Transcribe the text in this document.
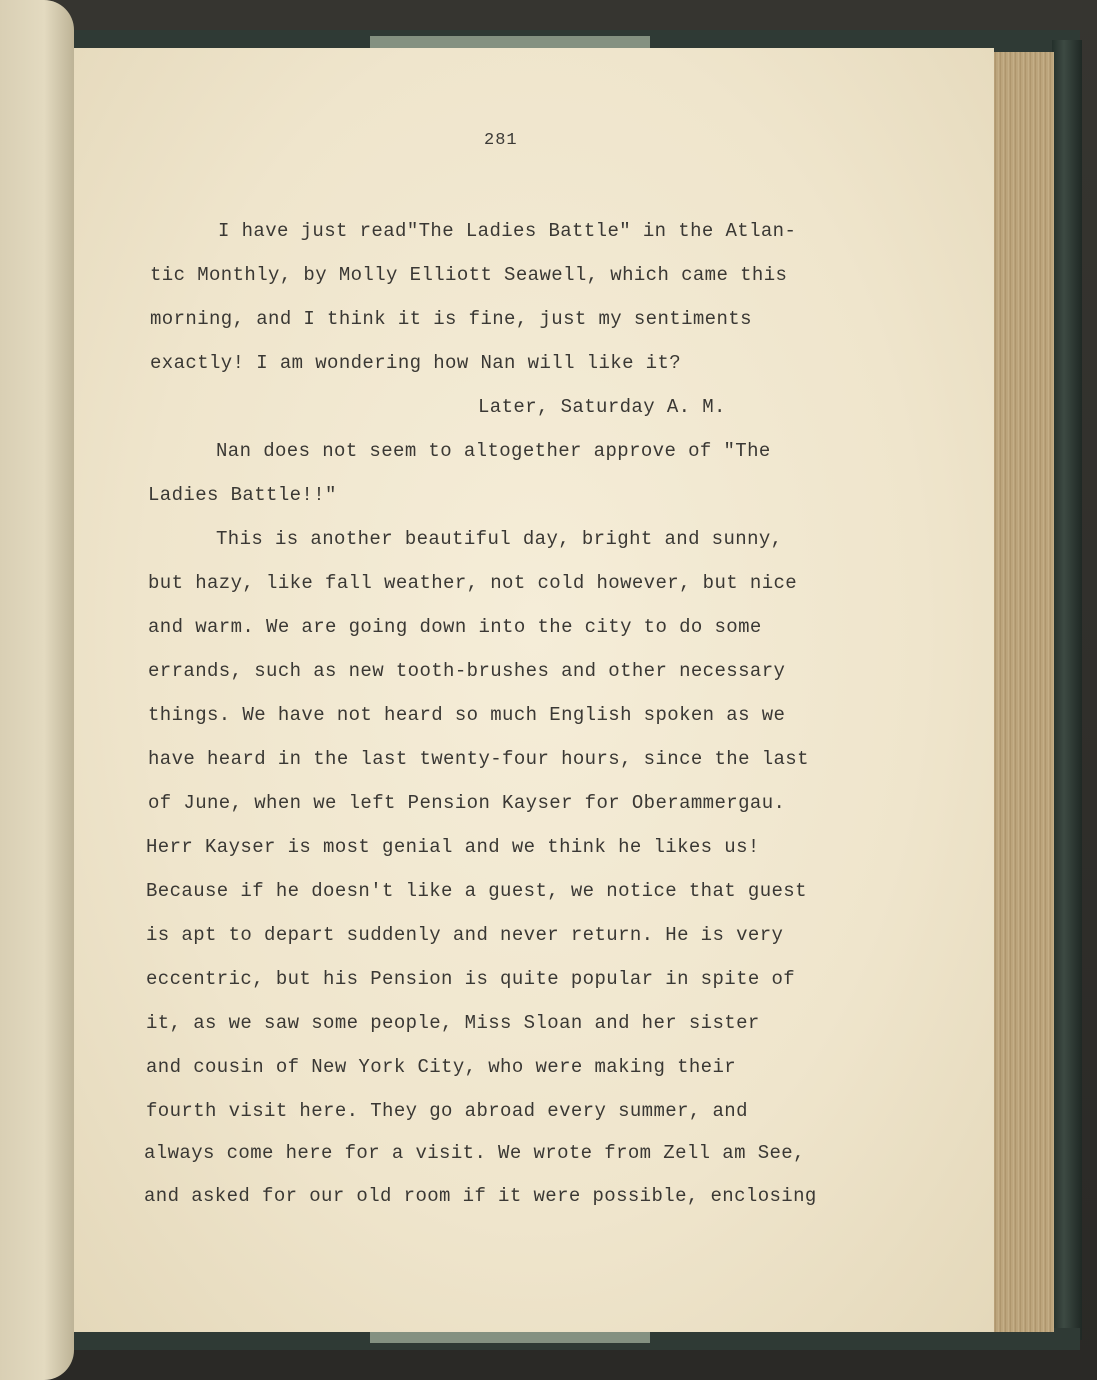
281
I have just read"The Ladies Battle" in the Atlan-
tic Monthly, by Molly Elliott Seawell, which came this
morning, and I think it is fine, just my sentiments
exactly! I am wondering how Nan will like it?
Later, Saturday A. M.
Nan does not seem to altogether approve of "The
Ladies Battle!!"
This is another beautiful day, bright and sunny,
but hazy, like fall weather, not cold however, but nice
and warm. We are going down into the city to do some
errands, such as new tooth-brushes and other necessary
things. We have not heard so much English spoken as we
have heard in the last twenty-four hours, since the last
of June, when we left Pension Kayser for Oberammergau.
Herr Kayser is most genial and we think he likes us!
Because if he doesn't like a guest, we notice that guest
is apt to depart suddenly and never return. He is very
eccentric, but his Pension is quite popular in spite of
it, as we saw some people, Miss Sloan and her sister
and cousin of New York City, who were making their
fourth visit here. They go abroad every summer, and
always come here for a visit. We wrote from Zell am See,
and asked for our old room if it were possible, enclosing
